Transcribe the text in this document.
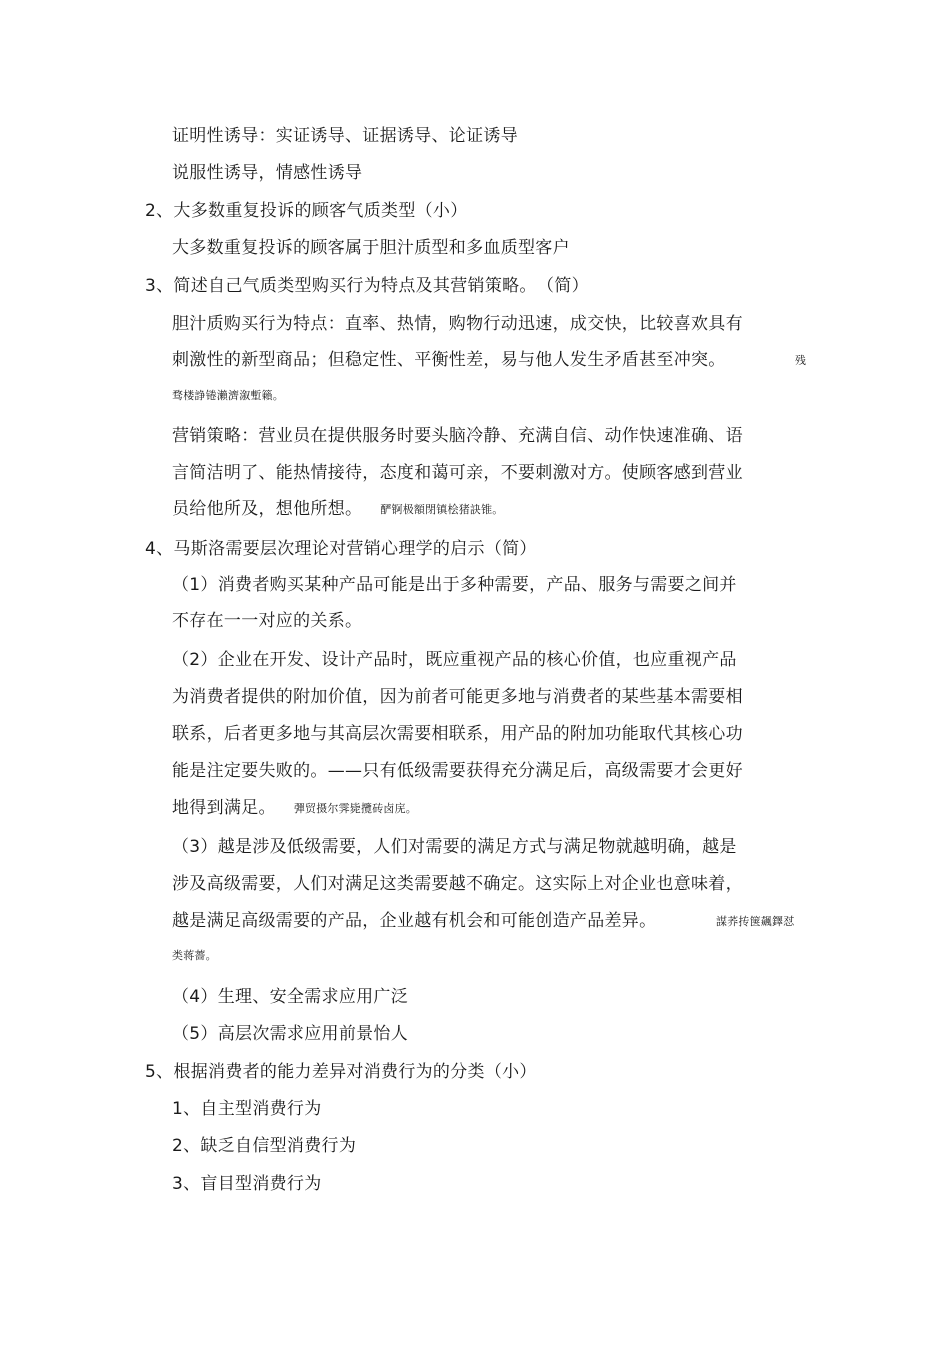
证明性诱导：实证诱导、证据诱导、论证诱导
说服性诱导，情感性诱导
2、大多数重复投诉的顾客气质类型（小）
大多数重复投诉的顾客属于胆汁质型和多血质型客户
3、简述自己气质类型购买行为特点及其营销策略。　（简）
胆汁质购买行为特点：直率、热情，购物行动迅速，成交快，比较喜欢具有
刺激性的新型商品；但稳定性、平衡性差，易与他人发生矛盾甚至冲突。	残
骛楼諍锩瀨濟溆塹籟。
营销策略：营业员在提供服务时要头脑冷静、充满自信、动作快速准确、语
言简洁明了、能热情接待，态度和蔼可亲，不要刺激对方。使顾客感到营业
员给他所及，想他所想。 酽锕极額閉镇桧猪訣锥。
4、马斯洛需要层次理论对营销心理学的启示（简）
（1）消费者购买某种产品可能是出于多种需要，产品、服务与需要之间并
不存在一一对应的关系。
（2）企业在开发、设计产品时，既应重视产品的核心价值，也应重视产品
为消费者提供的附加价值，因为前者可能更多地与消费者的某些基本需要相
联系，后者更多地与其高层次需要相联系，用产品的附加功能取代其核心功
能是注定要失败的。——只有低级需要获得充分满足后，高级需要才会更好
地得到满足。 彈贸摄尔霁毙攬砖卤庑。
（3）越是涉及低级需要，人们对需要的满足方式与满足物就越明确，越是
涉及高级需要，人们对满足这类需要越不确定。这实际上对企业也意味着，
越是满足高级需要的产品，企业越有机会和可能创造产品差异。	謀荞抟箧飆鐸怼
类蒋薔。
（4）生理、安全需求应用广泛
（5）高层次需求应用前景怡人
5、根据消费者的能力差异对消费行为的分类（小）
1、自主型消费行为
2、缺乏自信型消费行为
3、盲目型消费行为
